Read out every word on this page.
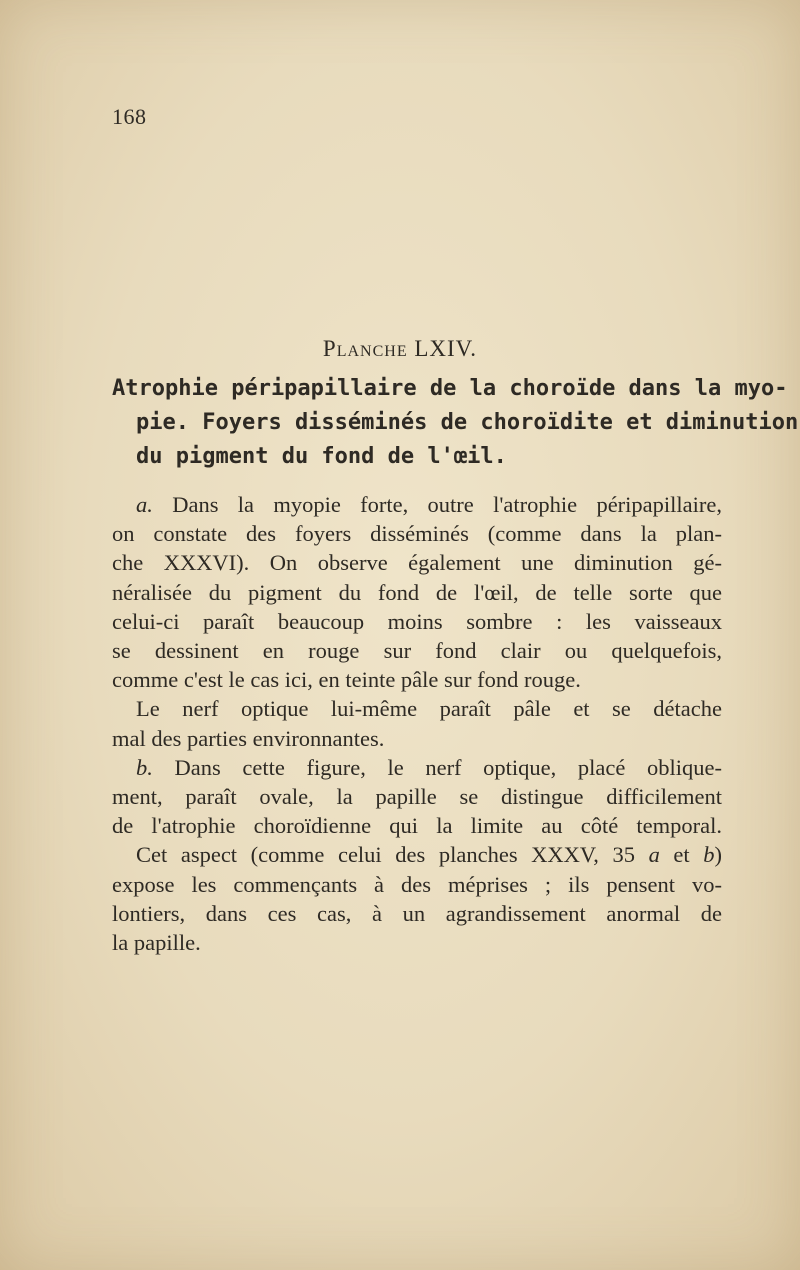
168
Planche LXIV.
Atrophie péripapillaire de la choroïde dans la myo-
pie. Foyers disséminés de choroïdite et diminution
du pigment du fond de l'œil.
a. Dans la myopie forte, outre l'atrophie péripapillaire,
on constate des foyers disséminés (comme dans la plan-
che XXXVI). On observe également une diminution gé-
néralisée du pigment du fond de l'œil, de telle sorte que
celui-ci paraît beaucoup moins sombre : les vaisseaux
se dessinent en rouge sur fond clair ou quelquefois,
comme c'est le cas ici, en teinte pâle sur fond rouge.
Le nerf optique lui-même paraît pâle et se détache
mal des parties environnantes.
b. Dans cette figure, le nerf optique, placé oblique-
ment, paraît ovale, la papille se distingue difficilement
de l'atrophie choroïdienne qui la limite au côté temporal.
Cet aspect (comme celui des planches XXXV, 35 a et b)
expose les commençants à des méprises ; ils pensent vo-
lontiers, dans ces cas, à un agrandissement anormal de
la papille.
